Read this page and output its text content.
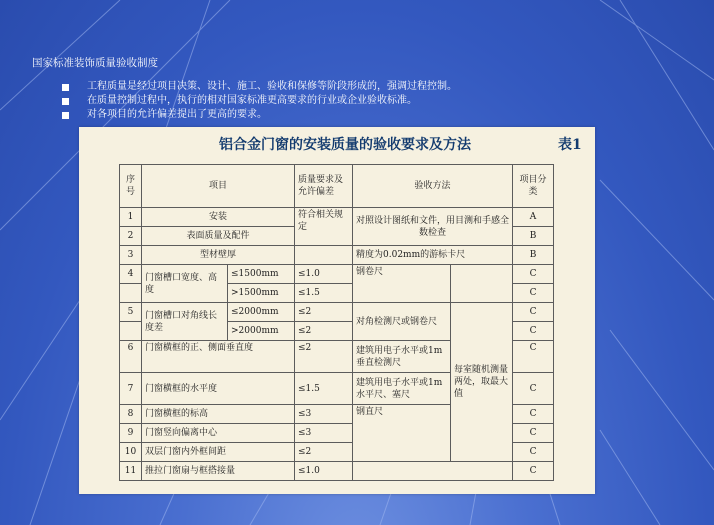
国家标准装饰质量验收制度
工程质量是经过项目决策、设计、施工、验收和保修等阶段形成的，强调过程控制。
在质量控制过程中，执行的相对国家标准更高要求的行业或企业验收标准。
对各项目的允许偏差提出了更高的要求。
铝合金门窗的安装质量的验收要求及方法	表1
序号	项目		质量要求及允许偏差	验收方法		项目分类
1	安装		符合相关规定	对照设计图纸和文件，用目测和手感全数检查		A
2	表面质量及配件					B
3	型材壁厚			精度为0.02mm的游标卡尺		B
4	门窗槽口宽度、高度	≤1500mm	≤1.0	钢卷尺		C
		>1500mm	≤1.5			C
5	门窗槽口对角线长度差	≤2000mm	≤2	对角检测尺或钢卷尺	每室随机测量两处，取最大值	C
		>2000mm	≤2			C
6	门窗横框的正、侧面垂直度		≤2	建筑用电子水平或1m垂直检测尺		C
7	门窗横框的水平度		≤1.5	建筑用电子水平或1m水平尺、塞尺		C
8	门窗横框的标高		≤3	钢直尺		C
9	门窗竖向偏离中心		≤3			C
10	双层门窗内外框间距		≤2			C
11	推拉门窗扇与框搭接量		≤1.0			C
